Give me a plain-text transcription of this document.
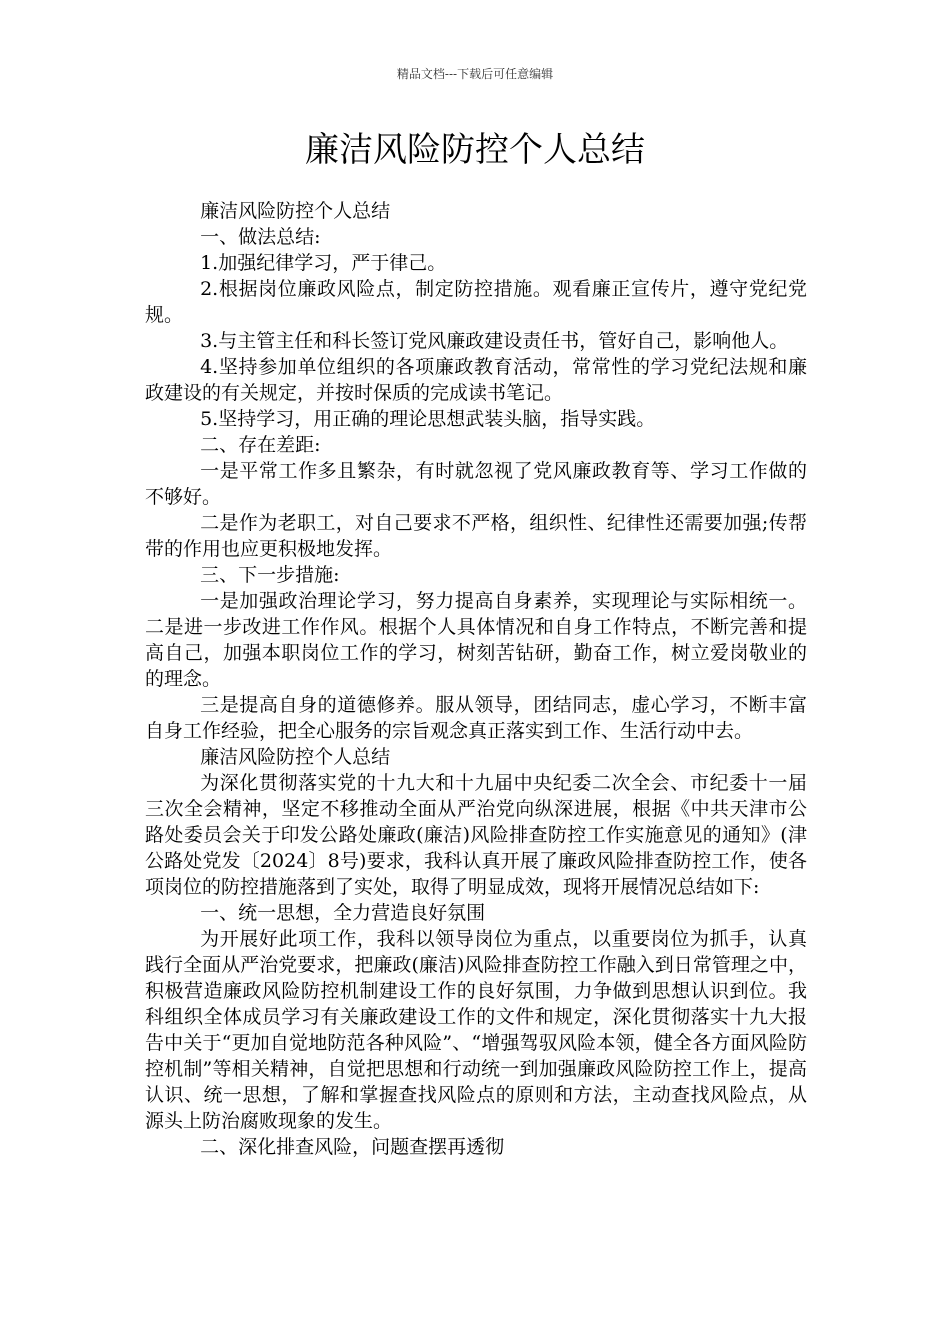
精品文档---下载后可任意编辑
廉洁风险防控个人总结

廉洁风险防控个人总结

一、做法总结:

1.加强纪律学习，严于律己。

2.根据岗位廉政风险点，制定防控措施。观看廉正宣传片，遵守党纪党规。

3.与主管主任和科长签订党风廉政建设责任书，管好自己，影响他人。

4.坚持参加单位组织的各项廉政教育活动，常常性的学习党纪法规和廉政建设的有关规定，并按时保质的完成读书笔记。

5.坚持学习，用正确的理论思想武装头脑，指导实践。

二、存在差距:

一是平常工作多且繁杂，有时就忽视了党风廉政教育等、学习工作做的不够好。

二是作为老职工，对自己要求不严格，组织性、纪律性还需要加强;传帮带的作用也应更积极地发挥。

三、下一步措施:

一是加强政治理论学习，努力提高自身素养，实现理论与实际相统一。二是进一步改进工作作风。根据个人具体情况和自身工作特点，不断完善和提高自己，加强本职岗位工作的学习，树刻苦钻研，勤奋工作，树立爱岗敬业的的理念。

三是提高自身的道德修养。服从领导，团结同志，虚心学习，不断丰富自身工作经验，把全心服务的宗旨观念真正落实到工作、生活行动中去。

廉洁风险防控个人总结

为深化贯彻落实党的十九大和十九届中央纪委二次全会、市纪委十一届三次全会精神，坚定不移推动全面从严治党向纵深进展，根据《中共天津市公路处委员会关于印发公路处廉政(廉洁)风险排查防控工作实施意见的通知》(津公路处党发〔2024〕8号)要求，我科认真开展了廉政风险排查防控工作，使各项岗位的防控措施落到了实处，取得了明显成效，现将开展情况总结如下:

一、统一思想，全力营造良好氛围

为开展好此项工作，我科以领导岗位为重点，以重要岗位为抓手，认真践行全面从严治党要求，把廉政(廉洁)风险排查防控工作融入到日常管理之中，积极营造廉政风险防控机制建设工作的良好氛围，力争做到思想认识到位。我科组织全体成员学习有关廉政建设工作的文件和规定，深化贯彻落实十九大报告中关于“更加自觉地防范各种风险”、“增强驾驭风险本领，健全各方面风险防控机制”等相关精神，自觉把思想和行动统一到加强廉政风险防控工作上，提高认识、统一思想，了解和掌握查找风险点的原则和方法，主动查找风险点，从源头上防治腐败现象的发生。

二、深化排查风险，问题查摆再透彻
